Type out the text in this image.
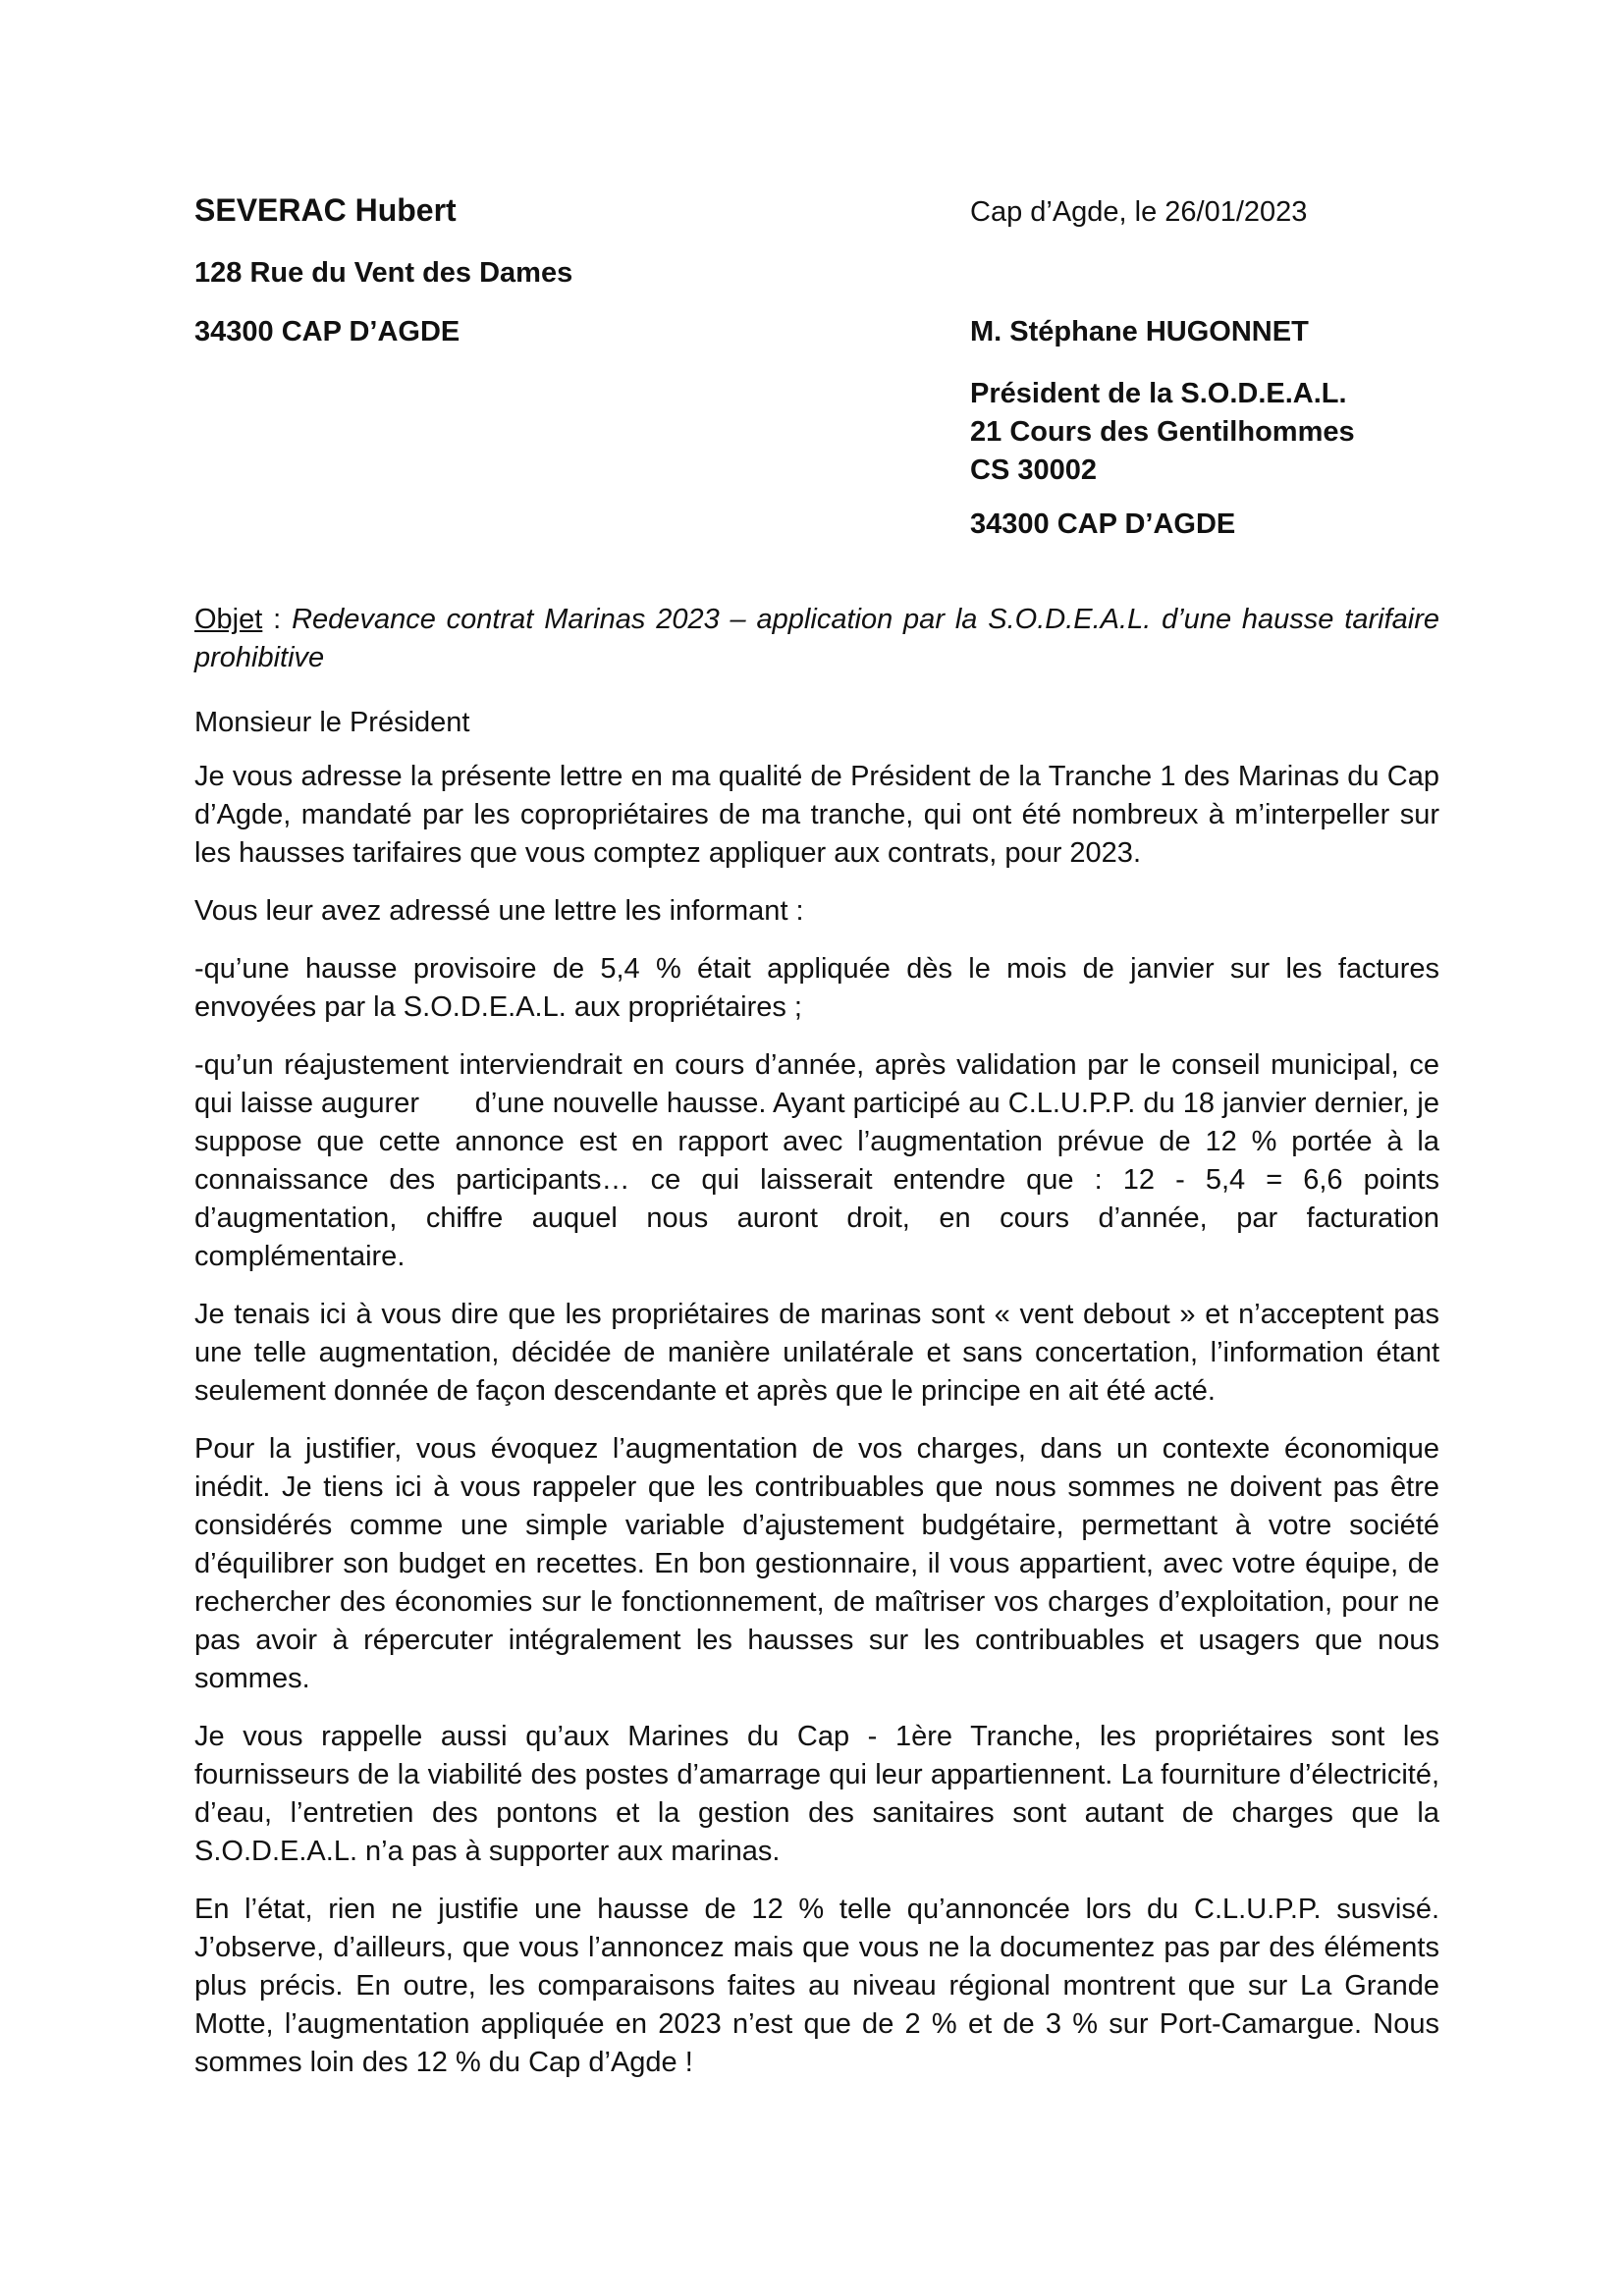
SEVERAC Hubert
128 Rue du Vent des Dames
34300 CAP D’AGDE
Cap d’Agde, le 26/01/2023
M. Stéphane HUGONNET
Président de la S.O.D.E.A.L.
21 Cours des Gentilhommes
CS 30002
34300 CAP D’AGDE
Objet : Redevance contrat Marinas 2023 – application par la S.O.D.E.A.L. d’une hausse tarifaire prohibitive
Monsieur le Président

Je vous adresse la présente lettre en ma qualité de Président de la Tranche 1 des Marinas du Cap d’Agde, mandaté par les copropriétaires de ma tranche, qui ont été nombreux à m’interpeller sur les hausses tarifaires que vous comptez appliquer aux contrats, pour 2023.

Vous leur avez adressé une lettre les informant :

-qu’une hausse provisoire de 5,4 % était appliquée dès le mois de janvier sur les factures envoyées par la S.O.D.E.A.L. aux propriétaires ;

-qu’un réajustement interviendrait en cours d’année, après validation par le conseil municipal, ce qui laisse augurer       d’une nouvelle hausse. Ayant participé au C.L.U.P.P. du 18 janvier dernier, je suppose que cette annonce est en rapport avec l’augmentation prévue de 12 % portée à la connaissance des participants… ce qui laisserait entendre que : 12 - 5,4 = 6,6 points d’augmentation, chiffre auquel nous auront droit, en cours d’année, par facturation complémentaire.

Je tenais ici à vous dire que les propriétaires de marinas sont « vent debout » et n’acceptent pas une telle augmentation, décidée de manière unilatérale et sans concertation, l’information étant seulement donnée de façon descendante et après que le principe en ait été acté.

Pour la justifier, vous évoquez l’augmentation de vos charges, dans un contexte économique inédit. Je tiens ici à vous rappeler que les contribuables que nous sommes ne doivent pas être considérés comme une simple variable d’ajustement budgétaire, permettant à votre société d’équilibrer son budget en recettes. En bon gestionnaire, il vous appartient, avec votre équipe, de rechercher des économies sur le fonctionnement, de maîtriser vos charges d’exploitation, pour ne pas avoir à répercuter intégralement les hausses sur les contribuables et usagers que nous sommes.

Je vous rappelle aussi qu’aux Marines du Cap - 1ère Tranche, les propriétaires sont les fournisseurs de la viabilité des postes d’amarrage qui leur appartiennent. La fourniture d’électricité, d’eau, l’entretien des pontons et la gestion des sanitaires sont autant de charges que la S.O.D.E.A.L. n’a pas à supporter aux marinas.

En l’état, rien ne justifie une hausse de 12 % telle qu’annoncée lors du C.L.U.P.P. susvisé. J’observe, d’ailleurs, que vous l’annoncez mais que vous ne la documentez pas par des éléments plus précis. En outre, les comparaisons faites au niveau régional montrent que sur La Grande Motte, l’augmentation appliquée en 2023 n’est que de 2 % et de 3 % sur Port-Camargue. Nous sommes loin des 12 % du Cap d’Agde !
